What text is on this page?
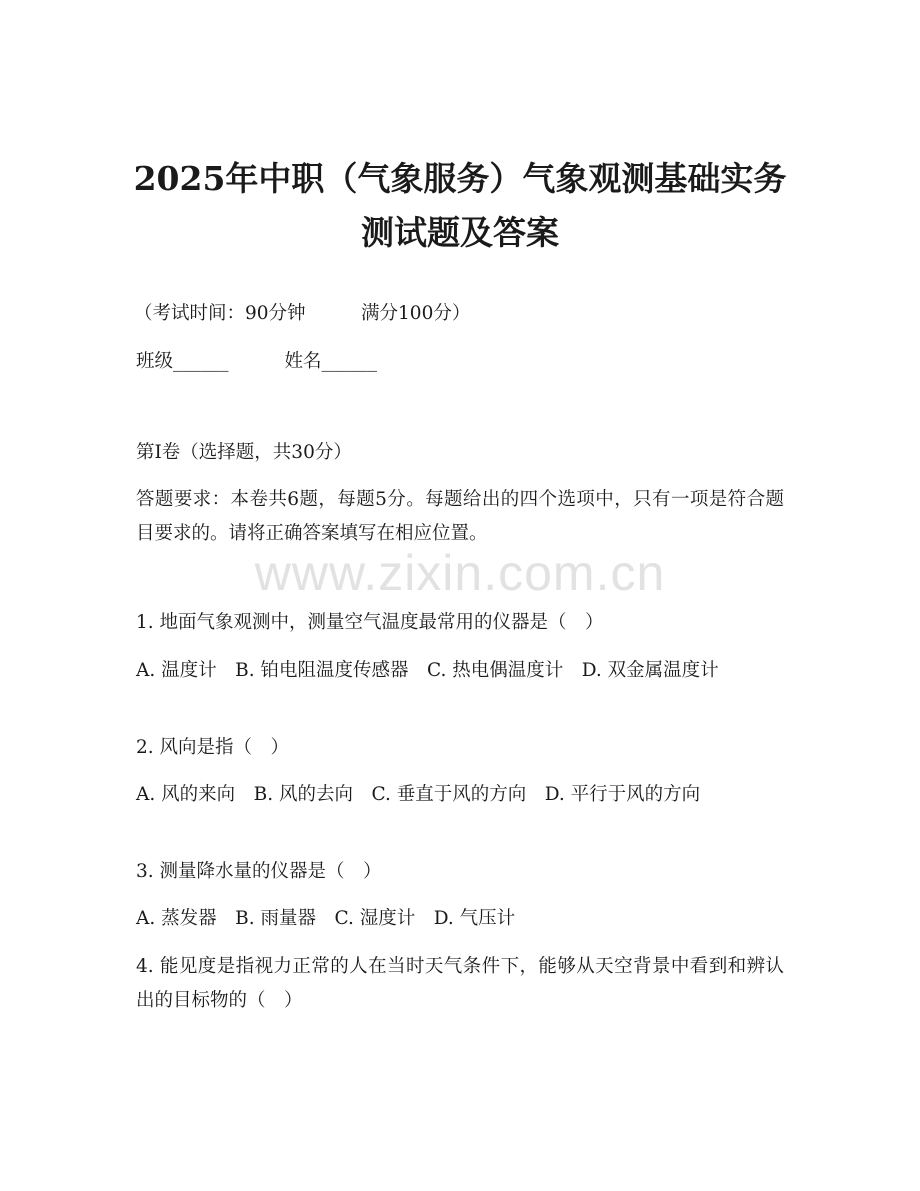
2025年中职（气象服务）气象观测基础实务
测试题及答案

（考试时间：90分钟　　　满分100分）

班级______	姓名______

第I卷（选择题，共30分）

答题要求：本卷共6题，每题5分。每题给出的四个选项中，只有一项是符合题目要求的。请将正确答案填写在相应位置。

www.zixin.com.cn

1. 地面气象观测中，测量空气温度最常用的仪器是（　）

A. 温度计　B. 铂电阻温度传感器　C. 热电偶温度计　D. 双金属温度计

2. 风向是指（　）

A. 风的来向　B. 风的去向　C. 垂直于风的方向　D. 平行于风的方向

3. 测量降水量的仪器是（　）

A. 蒸发器　B. 雨量器　C. 湿度计　D. 气压计

4. 能见度是指视力正常的人在当时天气条件下，能够从天空背景中看到和辨认出的目标物的（　）
